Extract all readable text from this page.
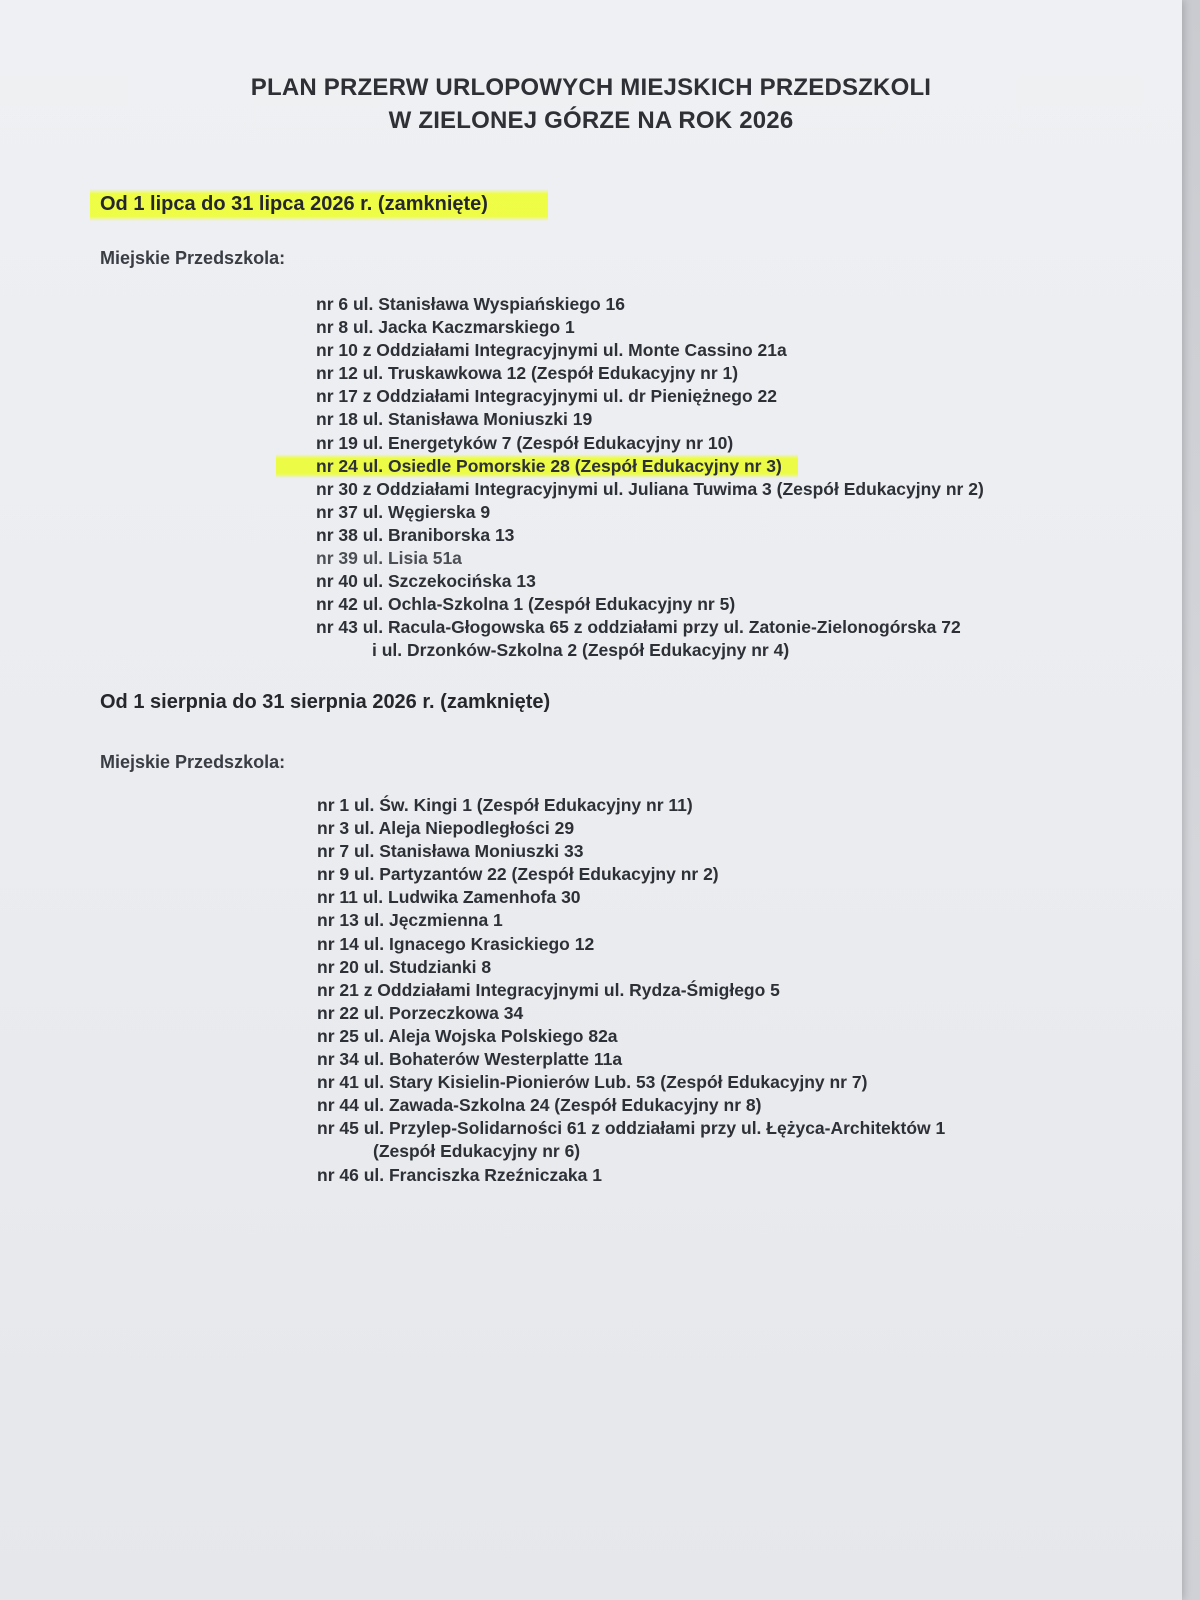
PLAN PRZERW URLOPOWYCH MIEJSKICH PRZEDSZKOLI
W ZIELONEJ GÓRZE NA ROK 2026
Od 1 lipca do 31 lipca 2026 r. (zamknięte)
Miejskie Przedszkola:
nr 6 ul. Stanisława Wyspiańskiego 16
nr 8 ul. Jacka Kaczmarskiego 1
nr 10 z Oddziałami Integracyjnymi ul. Monte Cassino 21a
nr 12 ul. Truskawkowa 12 (Zespół Edukacyjny nr 1)
nr 17 z Oddziałami Integracyjnymi ul. dr Pieniężnego 22
nr 18 ul. Stanisława Moniuszki 19
nr 19 ul. Energetyków 7 (Zespół Edukacyjny nr 10)
nr 24 ul. Osiedle Pomorskie 28 (Zespół Edukacyjny nr 3)
nr 30 z Oddziałami Integracyjnymi ul. Juliana Tuwima 3 (Zespół Edukacyjny nr 2)
nr 37 ul. Węgierska 9
nr 38 ul. Braniborska 13
nr 39 ul. Lisia 51a
nr 40 ul. Szczekocińska 13
nr 42 ul. Ochla-Szkolna 1 (Zespół Edukacyjny nr 5)
nr 43 ul. Racula-Głogowska 65 z oddziałami przy ul. Zatonie-Zielonogórska 72
i ul. Drzonków-Szkolna 2 (Zespół Edukacyjny nr 4)
Od 1 sierpnia do 31 sierpnia 2026 r. (zamknięte)
Miejskie Przedszkola:
nr 1 ul. Św. Kingi 1 (Zespół Edukacyjny nr 11)
nr 3 ul. Aleja Niepodległości 29
nr 7 ul. Stanisława Moniuszki 33
nr 9 ul. Partyzantów 22 (Zespół Edukacyjny nr 2)
nr 11 ul. Ludwika Zamenhofa 30
nr 13 ul. Jęczmienna 1
nr 14 ul. Ignacego Krasickiego 12
nr 20 ul. Studzianki 8
nr 21 z Oddziałami Integracyjnymi ul. Rydza-Śmigłego 5
nr 22 ul. Porzeczkowa 34
nr 25 ul. Aleja Wojska Polskiego 82a
nr 34 ul. Bohaterów Westerplatte 11a
nr 41 ul. Stary Kisielin-Pionierów Lub. 53 (Zespół Edukacyjny nr 7)
nr 44 ul. Zawada-Szkolna 24 (Zespół Edukacyjny nr 8)
nr 45 ul. Przylep-Solidarności 61 z oddziałami przy ul. Łężyca-Architektów 1
(Zespół Edukacyjny nr 6)
nr 46 ul. Franciszka Rzeźniczaka 1
